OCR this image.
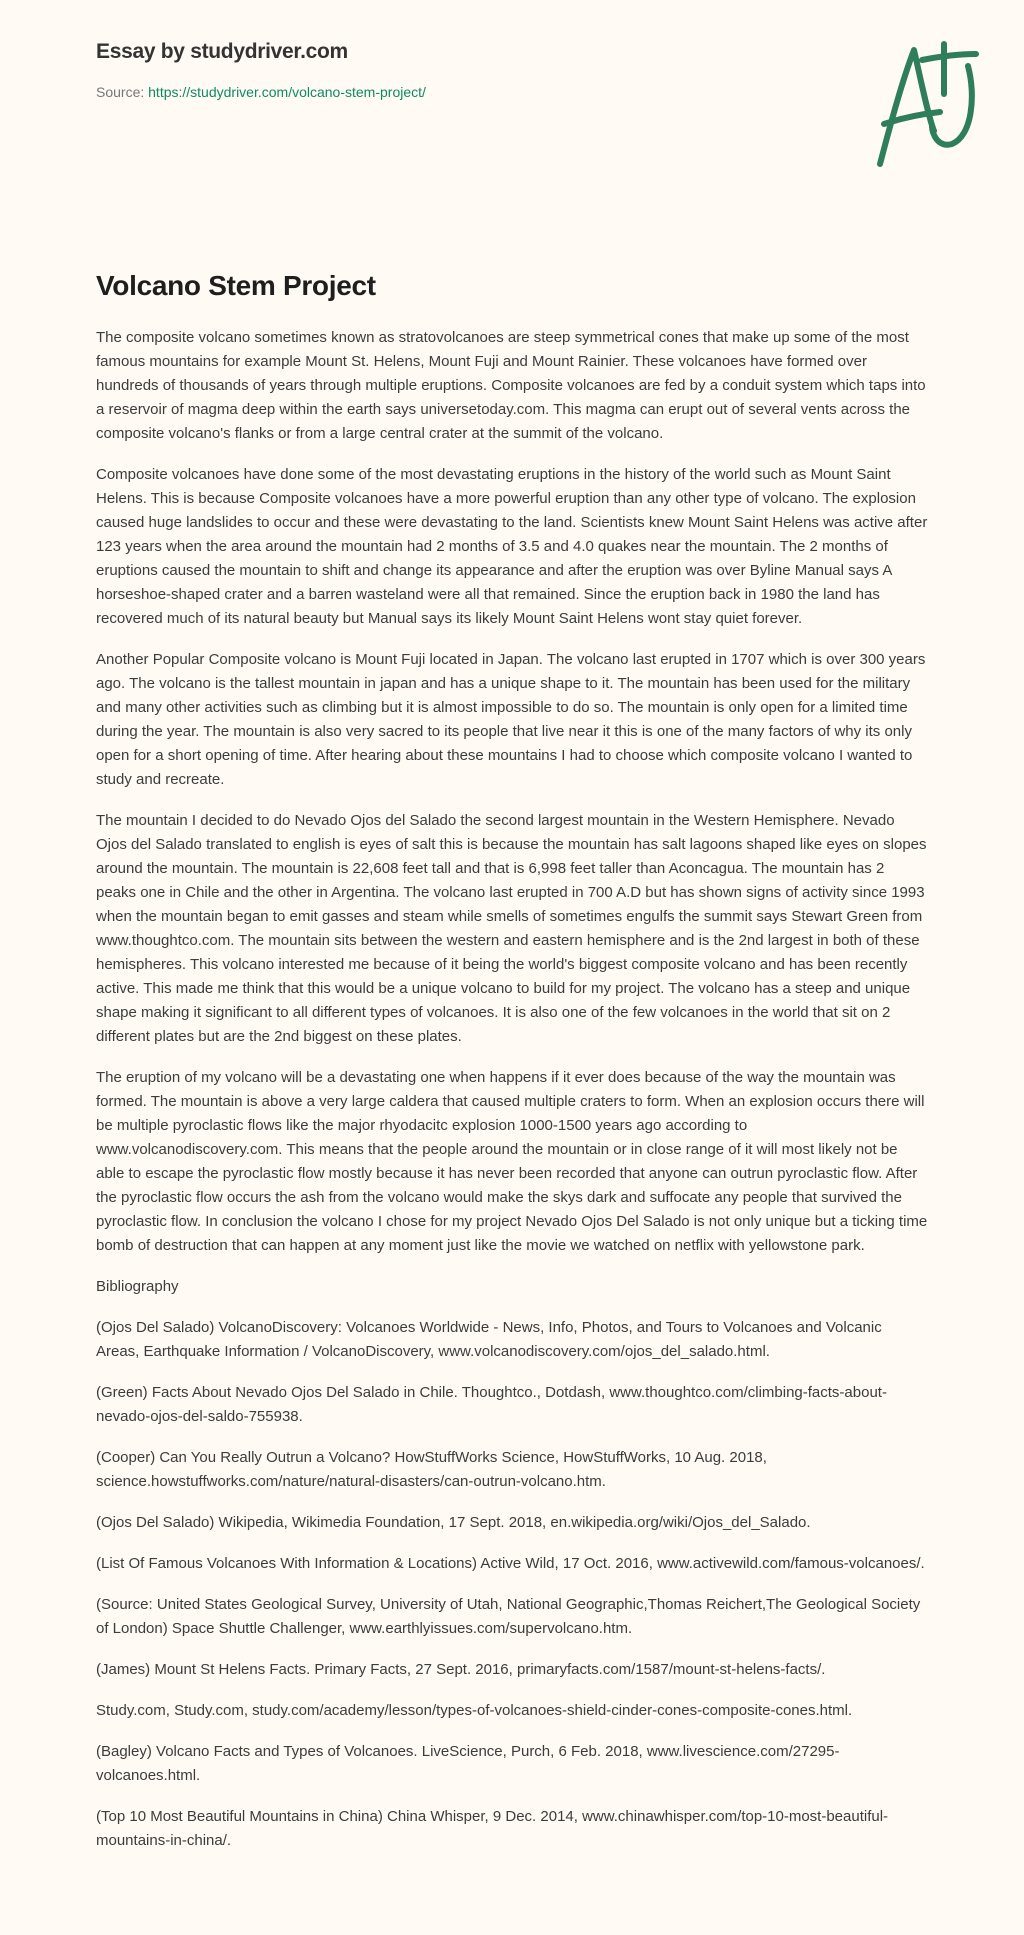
Essay by studydriver.com
Source: https://studydriver.com/volcano-stem-project/
Volcano Stem Project

The composite volcano sometimes known as stratovolcanoes are steep symmetrical cones that make up some of the most famous mountains for example Mount St. Helens, Mount Fuji and Mount Rainier. These volcanoes have formed over hundreds of thousands of years through multiple eruptions. Composite volcanoes are fed by a conduit system which taps into a reservoir of magma deep within the earth says universetoday.com. This magma can erupt out of several vents across the composite volcano's flanks or from a large central crater at the summit of the volcano.

Composite volcanoes have done some of the most devastating eruptions in the history of the world such as Mount Saint Helens. This is because Composite volcanoes have a more powerful eruption than any other type of volcano. The explosion caused huge landslides to occur and these were devastating to the land. Scientists knew Mount Saint Helens was active after 123 years when the area around the mountain had 2 months of 3.5 and 4.0 quakes near the mountain. The 2 months of eruptions caused the mountain to shift and change its appearance and after the eruption was over Byline Manual says A horseshoe-shaped crater and a barren wasteland were all that remained. Since the eruption back in 1980 the land has recovered much of its natural beauty but Manual says its likely Mount Saint Helens wont stay quiet forever.

Another Popular Composite volcano is Mount Fuji located in Japan. The volcano last erupted in 1707 which is over 300 years ago. The volcano is the tallest mountain in japan and has a unique shape to it. The mountain has been used for the military and many other activities such as climbing but it is almost impossible to do so. The mountain is only open for a limited time during the year. The mountain is also very sacred to its people that live near it this is one of the many factors of why its only open for a short opening of time. After hearing about these mountains I had to choose which composite volcano I wanted to study and recreate.

The mountain I decided to do Nevado Ojos del Salado the second largest mountain in the Western Hemisphere. Nevado Ojos del Salado translated to english is eyes of salt this is because the mountain has salt lagoons shaped like eyes on slopes around the mountain. The mountain is 22,608 feet tall and that is 6,998 feet taller than Aconcagua. The mountain has 2 peaks one in Chile and the other in Argentina. The volcano last erupted in 700 A.D but has shown signs of activity since 1993 when the mountain began to emit gasses and steam while smells of sometimes engulfs the summit says Stewart Green from www.thoughtco.com. The mountain sits between the western and eastern hemisphere and is the 2nd largest in both of these hemispheres. This volcano interested me because of it being the world's biggest composite volcano and has been recently active. This made me think that this would be a unique volcano to build for my project. The volcano has a steep and unique shape making it significant to all different types of volcanoes. It is also one of the few volcanoes in the world that sit on 2 different plates but are the 2nd biggest on these plates.

The eruption of my volcano will be a devastating one when happens if it ever does because of the way the mountain was formed. The mountain is above a very large caldera that caused multiple craters to form. When an explosion occurs there will be multiple pyroclastic flows like the major rhyodacitc explosion 1000-1500 years ago according to www.volcanodiscovery.com. This means that the people around the mountain or in close range of it will most likely not be able to escape the pyroclastic flow mostly because it has never been recorded that anyone can outrun pyroclastic flow. After the pyroclastic flow occurs the ash from the volcano would make the skys dark and suffocate any people that survived the pyroclastic flow. In conclusion the volcano I chose for my project Nevado Ojos Del Salado is not only unique but a ticking time bomb of destruction that can happen at any moment just like the movie we watched on netflix with yellowstone park.

Bibliography

(Ojos Del Salado) VolcanoDiscovery: Volcanoes Worldwide - News, Info, Photos, and Tours to Volcanoes and Volcanic Areas, Earthquake Information / VolcanoDiscovery, www.volcanodiscovery.com/ojos_del_salado.html.

(Green) Facts About Nevado Ojos Del Salado in Chile. Thoughtco., Dotdash, www.thoughtco.com/climbing-facts-about-nevado-ojos-del-saldo-755938.

(Cooper) Can You Really Outrun a Volcano? HowStuffWorks Science, HowStuffWorks, 10 Aug. 2018, science.howstuffworks.com/nature/natural-disasters/can-outrun-volcano.htm.

(Ojos Del Salado) Wikipedia, Wikimedia Foundation, 17 Sept. 2018, en.wikipedia.org/wiki/Ojos_del_Salado.

(List Of Famous Volcanoes With Information & Locations) Active Wild, 17 Oct. 2016, www.activewild.com/famous-volcanoes/.

(Source: United States Geological Survey, University of Utah, National Geographic,Thomas Reichert,The Geological Society of London) Space Shuttle Challenger, www.earthlyissues.com/supervolcano.htm.

(James) Mount St Helens Facts. Primary Facts, 27 Sept. 2016, primaryfacts.com/1587/mount-st-helens-facts/.

Study.com, Study.com, study.com/academy/lesson/types-of-volcanoes-shield-cinder-cones-composite-cones.html.

(Bagley) Volcano Facts and Types of Volcanoes. LiveScience, Purch, 6 Feb. 2018, www.livescience.com/27295-volcanoes.html.

(Top 10 Most Beautiful Mountains in China) China Whisper, 9 Dec. 2014, www.chinawhisper.com/top-10-most-beautiful-mountains-in-china/.
